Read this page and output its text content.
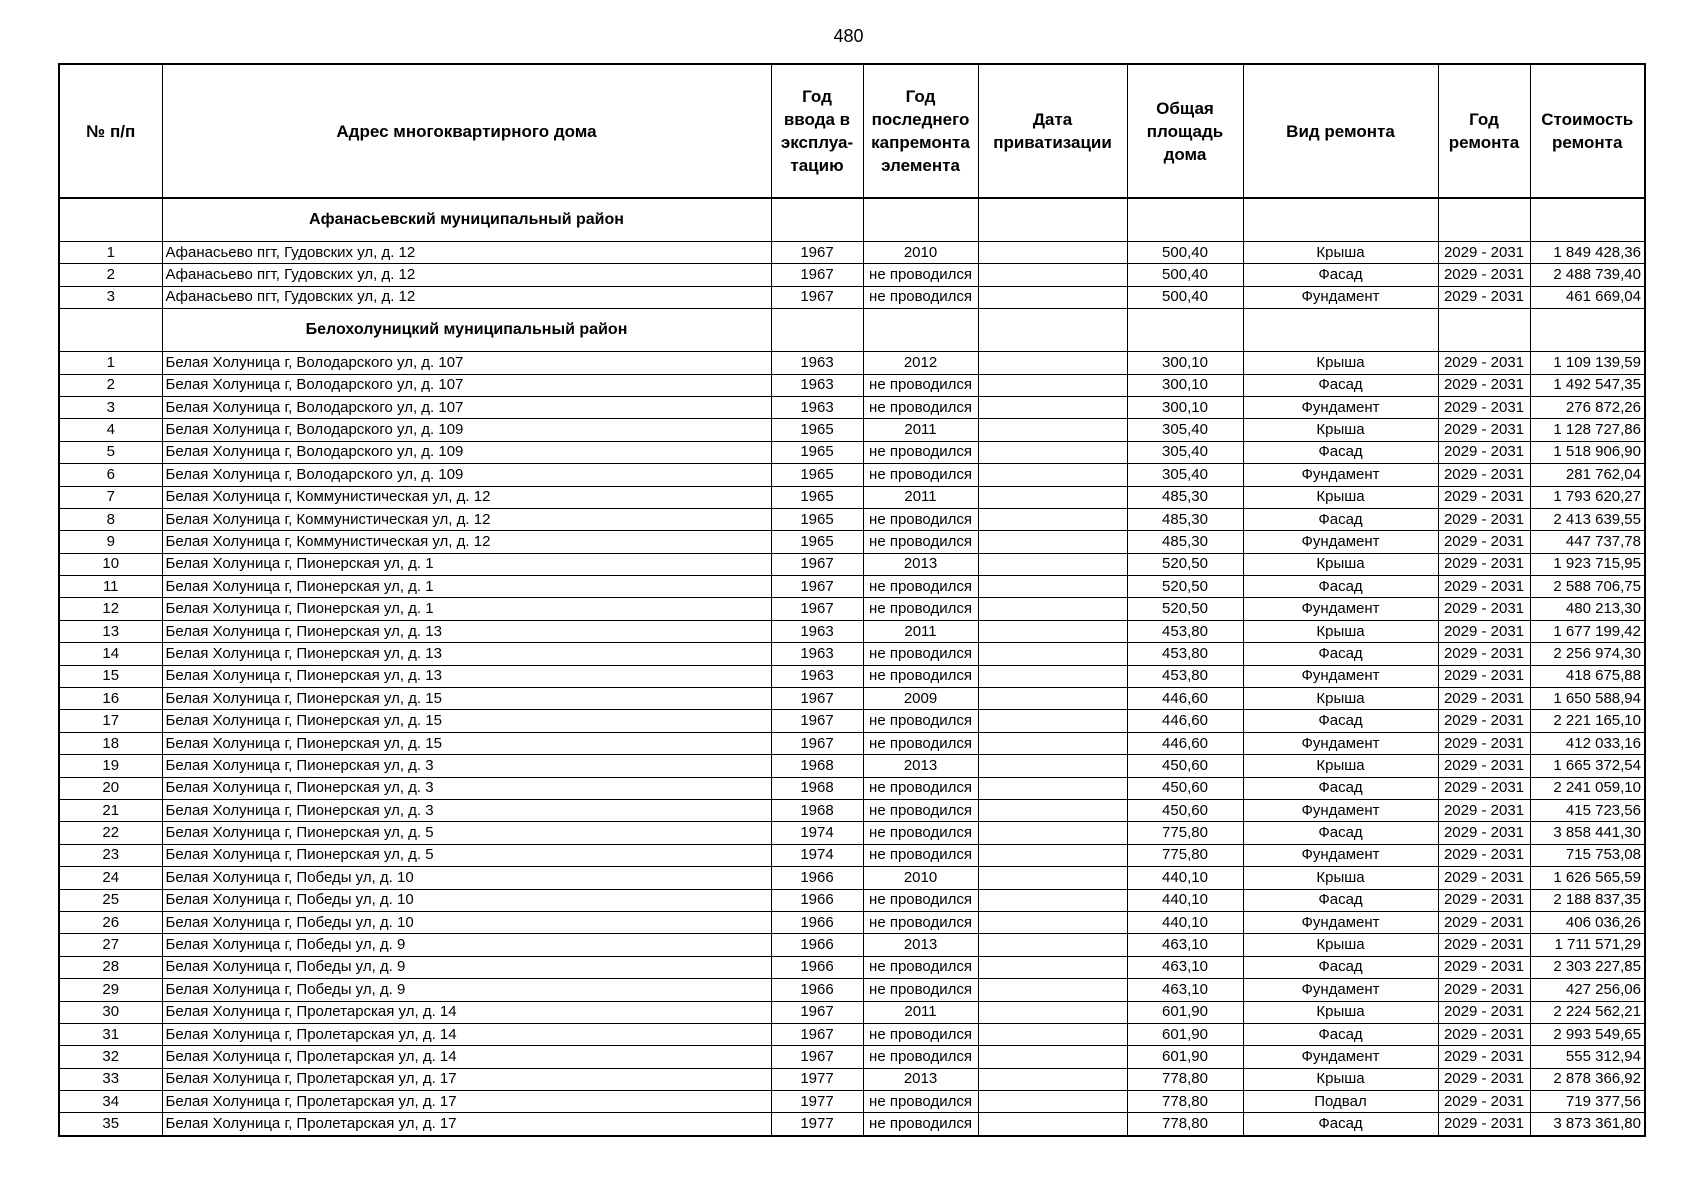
480
№ п/п	Адрес многоквартирного дома	Год ввода в эксплуа-тацию	Год последнего капремонта элемента	Дата приватизации	Общая площадь дома	Вид ремонта	Год ремонта	Стоимость ремонта
	Афанасьевский муниципальный район							
1	Афанасьево пгт, Гудовских ул, д. 12	1967	2010		500,40	Крыша	2029 - 2031	1 849 428,36
2	Афанасьево пгт, Гудовских ул, д. 12	1967	не проводился		500,40	Фасад	2029 - 2031	2 488 739,40
3	Афанасьево пгт, Гудовских ул, д. 12	1967	не проводился		500,40	Фундамент	2029 - 2031	461 669,04
	Белохолуницкий муниципальный район							
1	Белая Холуница г, Володарского ул, д. 107	1963	2012		300,10	Крыша	2029 - 2031	1 109 139,59
2	Белая Холуница г, Володарского ул, д. 107	1963	не проводился		300,10	Фасад	2029 - 2031	1 492 547,35
3	Белая Холуница г, Володарского ул, д. 107	1963	не проводился		300,10	Фундамент	2029 - 2031	276 872,26
4	Белая Холуница г, Володарского ул, д. 109	1965	2011		305,40	Крыша	2029 - 2031	1 128 727,86
5	Белая Холуница г, Володарского ул, д. 109	1965	не проводился		305,40	Фасад	2029 - 2031	1 518 906,90
6	Белая Холуница г, Володарского ул, д. 109	1965	не проводился		305,40	Фундамент	2029 - 2031	281 762,04
7	Белая Холуница г, Коммунистическая ул, д. 12	1965	2011		485,30	Крыша	2029 - 2031	1 793 620,27
8	Белая Холуница г, Коммунистическая ул, д. 12	1965	не проводился		485,30	Фасад	2029 - 2031	2 413 639,55
9	Белая Холуница г, Коммунистическая ул, д. 12	1965	не проводился		485,30	Фундамент	2029 - 2031	447 737,78
10	Белая Холуница г, Пионерская ул, д. 1	1967	2013		520,50	Крыша	2029 - 2031	1 923 715,95
11	Белая Холуница г, Пионерская ул, д. 1	1967	не проводился		520,50	Фасад	2029 - 2031	2 588 706,75
12	Белая Холуница г, Пионерская ул, д. 1	1967	не проводился		520,50	Фундамент	2029 - 2031	480 213,30
13	Белая Холуница г, Пионерская ул, д. 13	1963	2011		453,80	Крыша	2029 - 2031	1 677 199,42
14	Белая Холуница г, Пионерская ул, д. 13	1963	не проводился		453,80	Фасад	2029 - 2031	2 256 974,30
15	Белая Холуница г, Пионерская ул, д. 13	1963	не проводился		453,80	Фундамент	2029 - 2031	418 675,88
16	Белая Холуница г, Пионерская ул, д. 15	1967	2009		446,60	Крыша	2029 - 2031	1 650 588,94
17	Белая Холуница г, Пионерская ул, д. 15	1967	не проводился		446,60	Фасад	2029 - 2031	2 221 165,10
18	Белая Холуница г, Пионерская ул, д. 15	1967	не проводился		446,60	Фундамент	2029 - 2031	412 033,16
19	Белая Холуница г, Пионерская ул, д. 3	1968	2013		450,60	Крыша	2029 - 2031	1 665 372,54
20	Белая Холуница г, Пионерская ул, д. 3	1968	не проводился		450,60	Фасад	2029 - 2031	2 241 059,10
21	Белая Холуница г, Пионерская ул, д. 3	1968	не проводился		450,60	Фундамент	2029 - 2031	415 723,56
22	Белая Холуница г, Пионерская ул, д. 5	1974	не проводился		775,80	Фасад	2029 - 2031	3 858 441,30
23	Белая Холуница г, Пионерская ул, д. 5	1974	не проводился		775,80	Фундамент	2029 - 2031	715 753,08
24	Белая Холуница г, Победы ул, д. 10	1966	2010		440,10	Крыша	2029 - 2031	1 626 565,59
25	Белая Холуница г, Победы ул, д. 10	1966	не проводился		440,10	Фасад	2029 - 2031	2 188 837,35
26	Белая Холуница г, Победы ул, д. 10	1966	не проводился		440,10	Фундамент	2029 - 2031	406 036,26
27	Белая Холуница г, Победы ул, д. 9	1966	2013		463,10	Крыша	2029 - 2031	1 711 571,29
28	Белая Холуница г, Победы ул, д. 9	1966	не проводился		463,10	Фасад	2029 - 2031	2 303 227,85
29	Белая Холуница г, Победы ул, д. 9	1966	не проводился		463,10	Фундамент	2029 - 2031	427 256,06
30	Белая Холуница г, Пролетарская ул, д. 14	1967	2011		601,90	Крыша	2029 - 2031	2 224 562,21
31	Белая Холуница г, Пролетарская ул, д. 14	1967	не проводился		601,90	Фасад	2029 - 2031	2 993 549,65
32	Белая Холуница г, Пролетарская ул, д. 14	1967	не проводился		601,90	Фундамент	2029 - 2031	555 312,94
33	Белая Холуница г, Пролетарская ул, д. 17	1977	2013		778,80	Крыша	2029 - 2031	2 878 366,92
34	Белая Холуница г, Пролетарская ул, д. 17	1977	не проводился		778,80	Подвал	2029 - 2031	719 377,56
35	Белая Холуница г, Пролетарская ул, д. 17	1977	не проводился		778,80	Фасад	2029 - 2031	3 873 361,80
